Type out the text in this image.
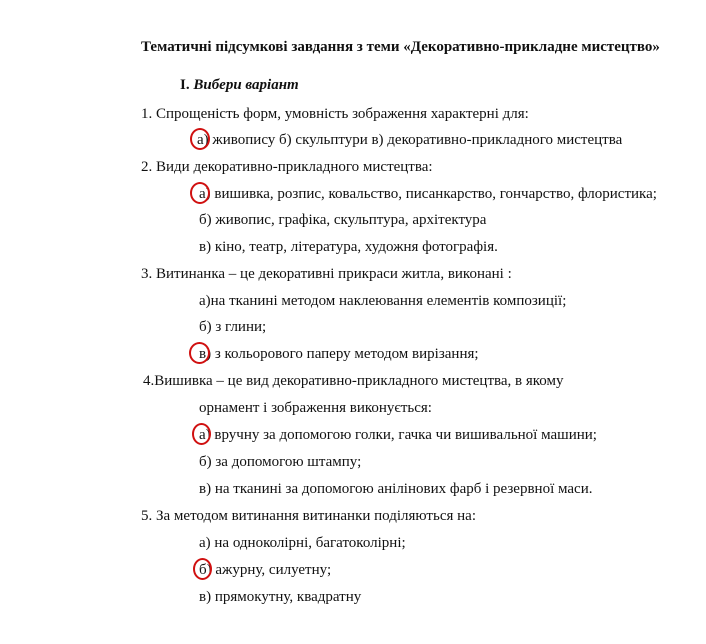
Тематичні підсумкові завдання з теми «Декоративно-прикладне мистецтво»
I. Вибери варіант
1. Спрощеність форм, умовність зображення характерні для:
а) живопису б) скульптури в) декоративно-прикладного мистецтва
2. Види декоративно-прикладного мистецтва:
а) вишивка, розпис, ковальство, писанкарство, гончарство, флористика;
б) живопис, графіка, скульптура, архітектура
в) кіно, театр, література, художня фотографія.
3. Витинанка – це декоративні прикраси житла, виконані :
а)на тканині методом наклеювання елементів композиції;
б) з глини;
в) з кольорового паперу методом вирізання;
4.Вишивка – це вид декоративно-прикладного мистецтва, в якому
орнамент і зображення виконується:
а) вручну за допомогою голки, гачка чи вишивальної машини;
б) за допомогою штампу;
в) на тканині за допомогою анілінових фарб і резервної маси.
5. За методом витинання витинанки поділяються на:
а) на одноколірні, багатоколірні;
б) ажурну, силуетну;
в) прямокутну, квадратну
